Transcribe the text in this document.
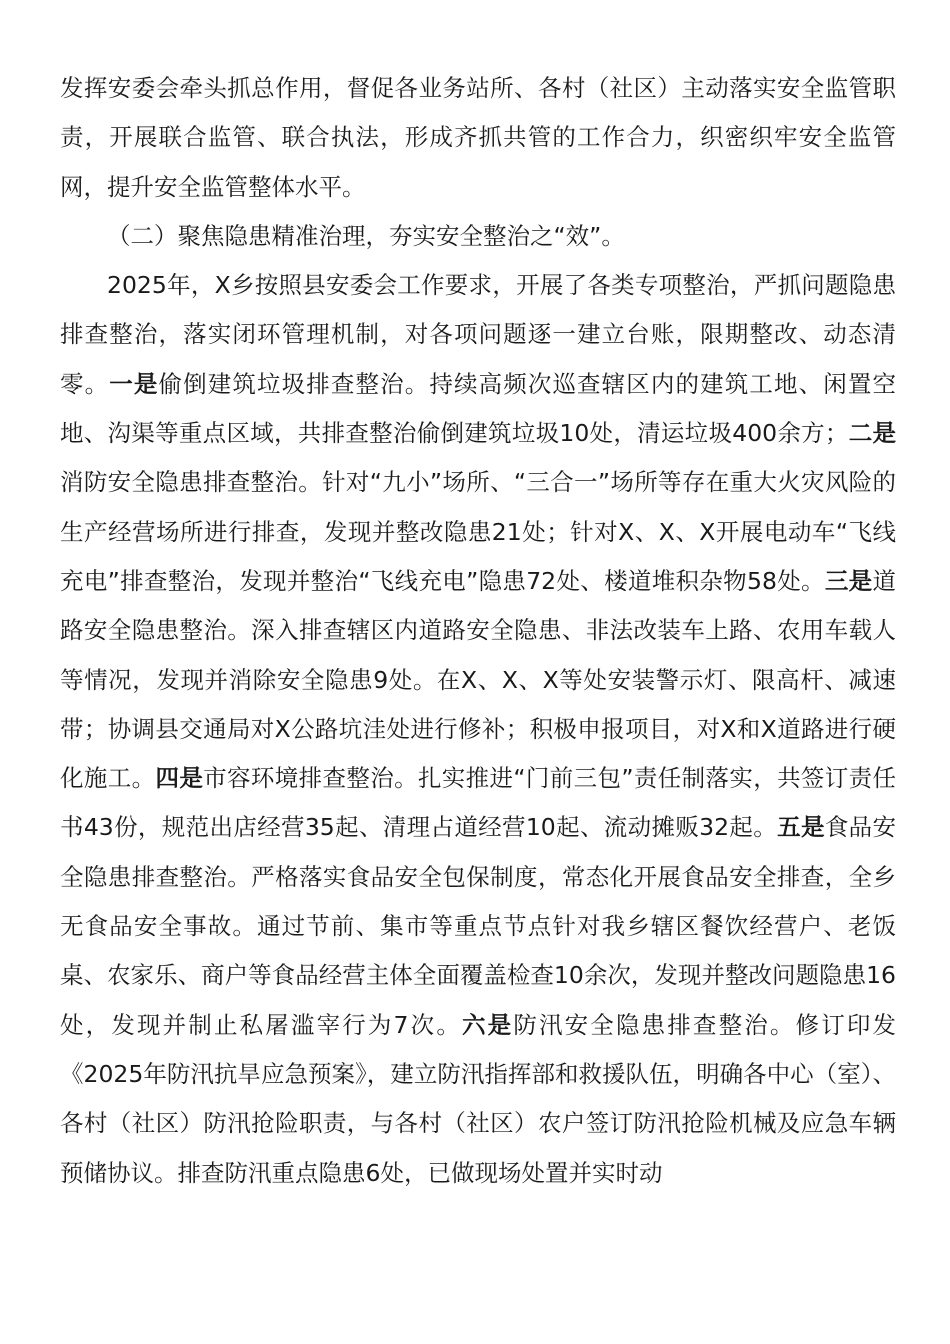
发挥安委会牵头抓总作用，督促各业务站所、各村（社区）主动落实安全监管职责，开展联合监管、联合执法，形成齐抓共管的工作合力，织密织牢安全监管网，提升安全监管整体水平。

（二）聚焦隐患精准治理，夯实安全整治之“效”。

2025年，X乡按照县安委会工作要求，开展了各类专项整治，严抓问题隐患排查整治，落实闭环管理机制，对各项问题逐一建立台账，限期整改、动态清零。一是偷倒建筑垃圾排查整治。持续高频次巡查辖区内的建筑工地、闲置空地、沟渠等重点区域，共排查整治偷倒建筑垃圾10处，清运垃圾400余方；二是消防安全隐患排查整治。针对“九小”场所、“三合一”场所等存在重大火灾风险的生产经营场所进行排查，发现并整改隐患21处；针对X、X、X开展电动车“飞线充电”排查整治，发现并整治“飞线充电”隐患72处、楼道堆积杂物58处。三是道路安全隐患整治。深入排查辖区内道路安全隐患、非法改装车上路、农用车载人等情况，发现并消除安全隐患9处。在X、X、X等处安装警示灯、限高杆、减速带；协调县交通局对X公路坑洼处进行修补；积极申报项目，对X和X道路进行硬化施工。四是市容环境排查整治。扎实推进“门前三包”责任制落实，共签订责任书43份，规范出店经营35起、清理占道经营10起、流动摊贩32起。五是食品安全隐患排查整治。严格落实食品安全包保制度，常态化开展食品安全排查，全乡无食品安全事故。通过节前、集市等重点节点针对我乡辖区餐饮经营户、老饭桌、农家乐、商户等食品经营主体全面覆盖检查10余次，发现并整改问题隐患16处，发现并制止私屠滥宰行为7次。六是防汛安全隐患排查整治。修订印发《2025年防汛抗旱应急预案》，建立防汛指挥部和救援队伍，明确各中心（室）、各村（社区）防汛抢险职责，与各村（社区）农户签订防汛抢险机械及应急车辆预储协议。排查防汛重点隐患6处，已做现场处置并实时动
